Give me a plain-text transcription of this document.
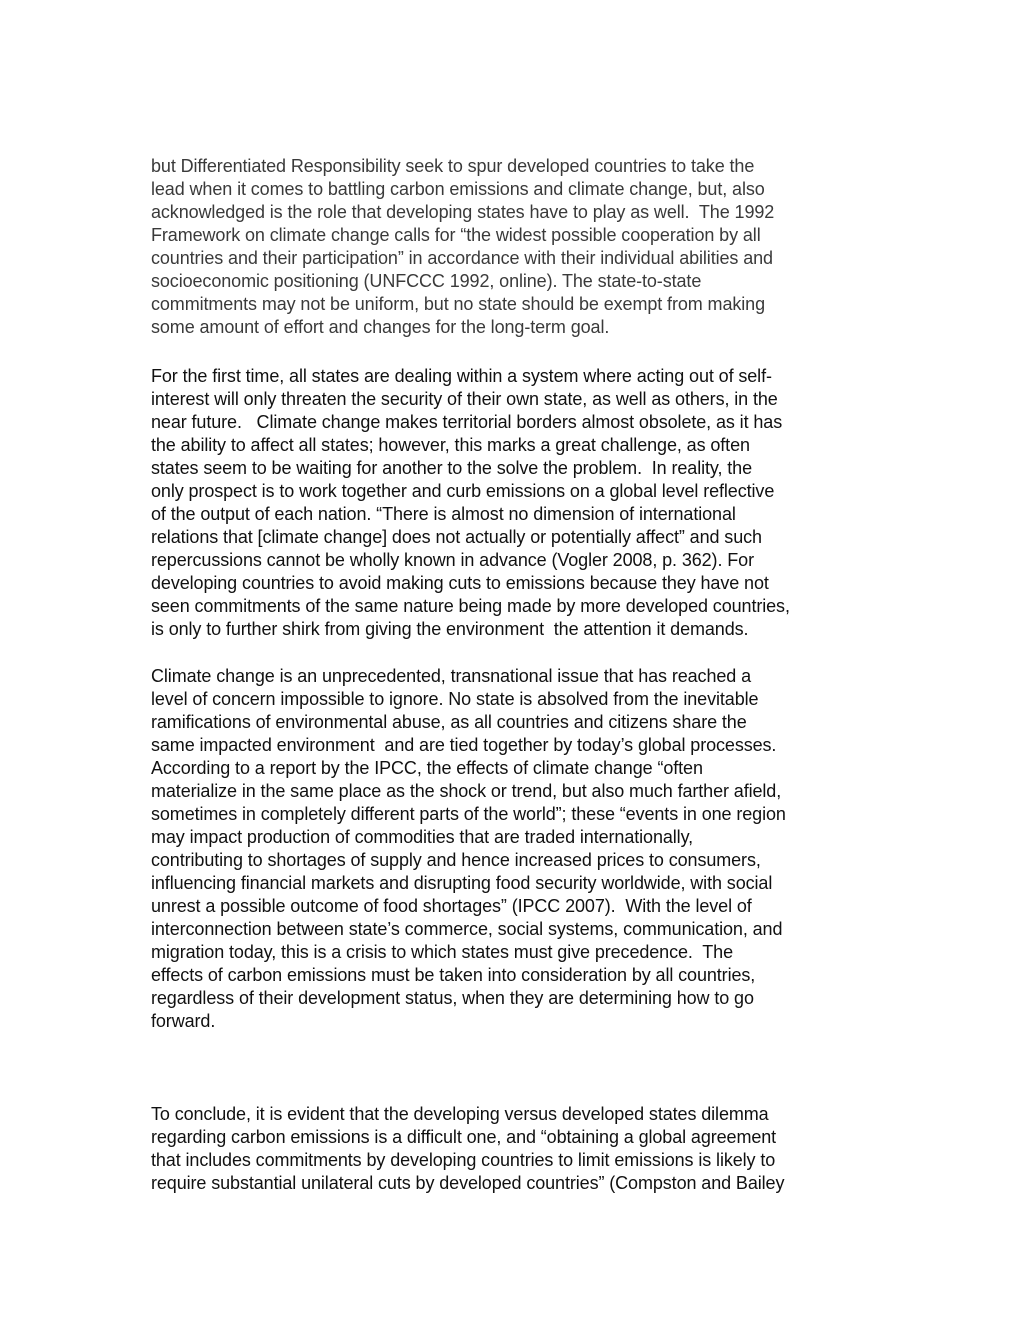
but Differentiated Responsibility seek to spur developed countries to take the
lead when it comes to battling carbon emissions and climate change, but, also
acknowledged is the role that developing states have to play as well.  The 1992
Framework on climate change calls for “the widest possible cooperation by all
countries and their participation” in accordance with their individual abilities and
socioeconomic positioning (UNFCCC 1992, online). The state-to-state
commitments may not be uniform, but no state should be exempt from making
some amount of effort and changes for the long-term goal.
For the first time, all states are dealing within a system where acting out of self-
interest will only threaten the security of their own state, as well as others, in the
near future.   Climate change makes territorial borders almost obsolete, as it has
the ability to affect all states; however, this marks a great challenge, as often
states seem to be waiting for another to the solve the problem.  In reality, the
only prospect is to work together and curb emissions on a global level reflective
of the output of each nation. “There is almost no dimension of international
relations that [climate change] does not actually or potentially affect” and such
repercussions cannot be wholly known in advance (Vogler 2008, p. 362). For
developing countries to avoid making cuts to emissions because they have not
seen commitments of the same nature being made by more developed countries,
is only to further shirk from giving the environment  the attention it demands.
Climate change is an unprecedented, transnational issue that has reached a
level of concern impossible to ignore. No state is absolved from the inevitable
ramifications of environmental abuse, as all countries and citizens share the
same impacted environment  and are tied together by today’s global processes.
According to a report by the IPCC, the effects of climate change “often
materialize in the same place as the shock or trend, but also much farther afield,
sometimes in completely different parts of the world”; these “events in one region
may impact production of commodities that are traded internationally,
contributing to shortages of supply and hence increased prices to consumers,
influencing financial markets and disrupting food security worldwide, with social
unrest a possible outcome of food shortages” (IPCC 2007).  With the level of
interconnection between state’s commerce, social systems, communication, and
migration today, this is a crisis to which states must give precedence.  The
effects of carbon emissions must be taken into consideration by all countries,
regardless of their development status, when they are determining how to go
forward.
To conclude, it is evident that the developing versus developed states dilemma
regarding carbon emissions is a difficult one, and “obtaining a global agreement
that includes commitments by developing countries to limit emissions is likely to
require substantial unilateral cuts by developed countries” (Compston and Bailey
